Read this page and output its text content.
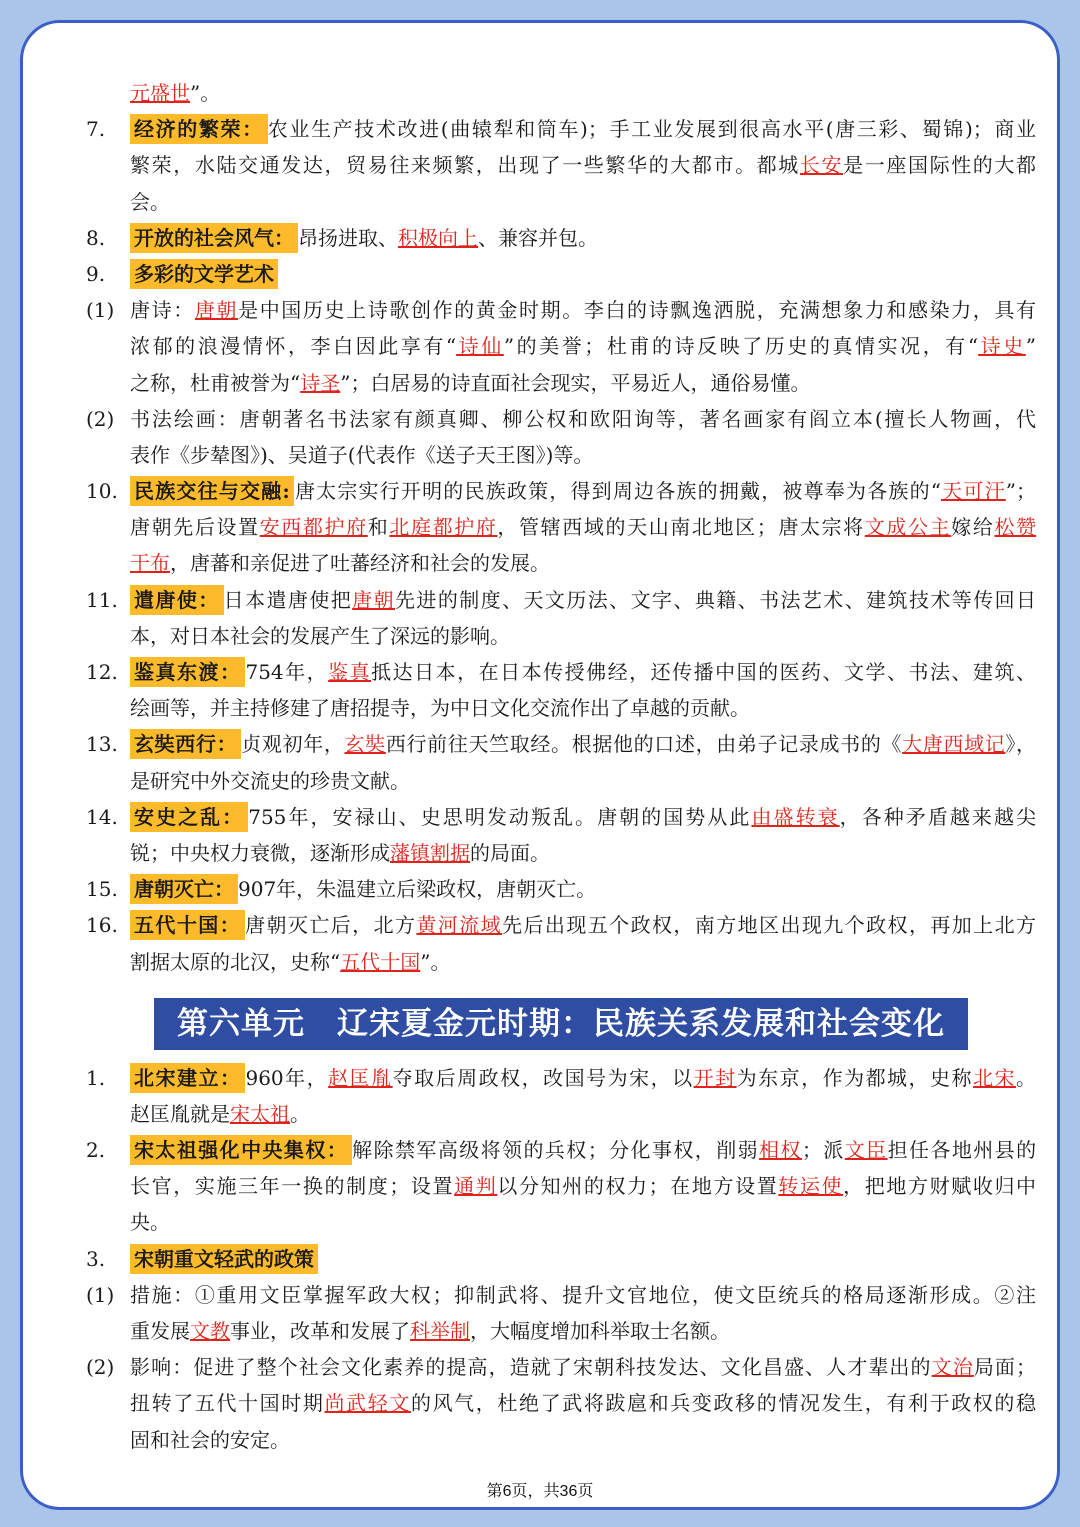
元盛世”。
7.	经济的繁荣： 农业生产技术改进(曲辕犁和筒车)；手工业发展到很高水平(唐三彩、蜀锦)；商业
繁荣，水陆交通发达，贸易往来频繁，出现了一些繁华的大都市。都城长安是一座国际性的大都
会。
8.	开放的社会风气： 昂扬进取、积极向上、兼容并包。
9.	多彩的文学艺术
(1) 唐诗：唐朝是中国历史上诗歌创作的黄金时期。李白的诗飘逸洒脱，充满想象力和感染力，具有
浓郁的浪漫情怀，李白因此享有“诗仙”的美誉；杜甫的诗反映了历史的真情实况，有“诗史”
之称，杜甫被誉为“诗圣”；白居易的诗直面社会现实，平易近人，通俗易懂。
(2) 书法绘画：唐朝著名书法家有颜真卿、柳公权和欧阳询等，著名画家有阎立本(擅长人物画，代
表作《步辇图》)、吴道子(代表作《送子天王图》)等。
10. 民族交往与交融: 唐太宗实行开明的民族政策，得到周边各族的拥戴，被尊奉为各族的“天可汗”；
唐朝先后设置安西都护府和北庭都护府，管辖西域的天山南北地区；唐太宗将文成公主嫁给松赞
干布，唐蕃和亲促进了吐蕃经济和社会的发展。
11. 遣唐使： 日本遣唐使把唐朝先进的制度、天文历法、文字、典籍、书法艺术、建筑技术等传回日
本，对日本社会的发展产生了深远的影响。
12. 鉴真东渡： 754年，鉴真抵达日本，在日本传授佛经，还传播中国的医药、文学、书法、建筑、
绘画等，并主持修建了唐招提寺，为中日文化交流作出了卓越的贡献。
13. 玄奘西行： 贞观初年，玄奘西行前往天竺取经。根据他的口述，由弟子记录成书的《大唐西域记》，
是研究中外交流史的珍贵文献。
14. 安史之乱： 755年，安禄山、史思明发动叛乱。唐朝的国势从此由盛转衰，各种矛盾越来越尖
锐；中央权力衰微，逐渐形成藩镇割据的局面。
15. 唐朝灭亡： 907年，朱温建立后梁政权，唐朝灭亡。
16. 五代十国： 唐朝灭亡后，北方黄河流域先后出现五个政权，南方地区出现九个政权，再加上北方
割据太原的北汉，史称“五代十国”。
第六单元　辽宋夏金元时期：民族关系发展和社会变化
1.	北宋建立： 960年，赵匡胤夺取后周政权，改国号为宋，以开封为东京，作为都城，史称北宋。
赵匡胤就是宋太祖。
2.	宋太祖强化中央集权： 解除禁军高级将领的兵权；分化事权，削弱相权；派文臣担任各地州县的
长官，实施三年一换的制度；设置通判以分知州的权力；在地方设置转运使，把地方财赋收归中
央。
3.	宋朝重文轻武的政策
(1) 措施：①重用文臣掌握军政大权；抑制武将、提升文官地位，使文臣统兵的格局逐渐形成。②注
重发展文教事业，改革和发展了科举制，大幅度增加科举取士名额。
(2) 影响：促进了整个社会文化素养的提高，造就了宋朝科技发达、文化昌盛、人才辈出的文治局面；
扭转了五代十国时期尚武轻文的风气，杜绝了武将跋扈和兵变政移的情况发生，有利于政权的稳
固和社会的安定。
第6页，共36页
